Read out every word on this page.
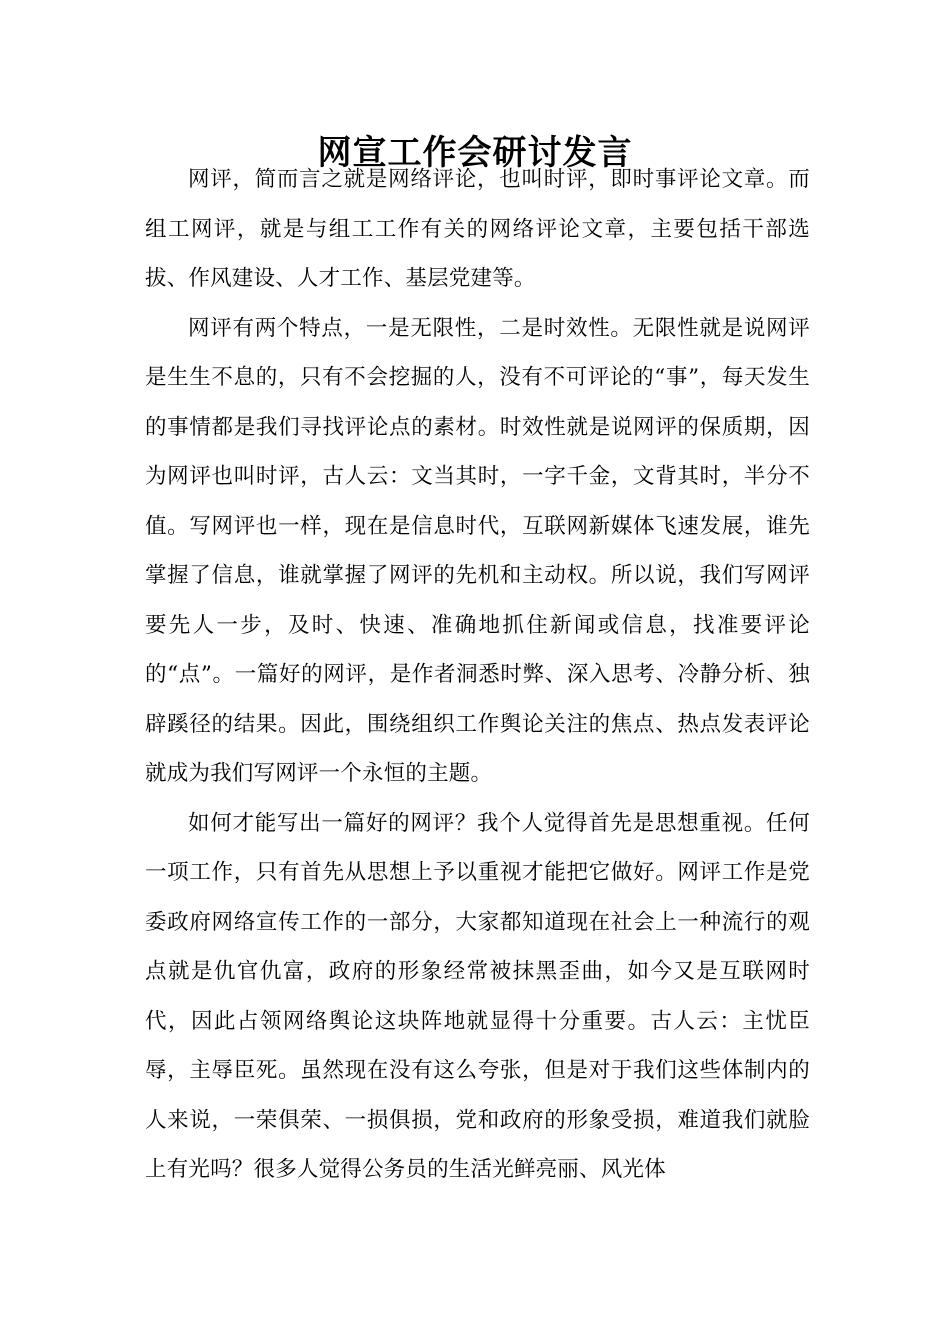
网宣工作会研讨发言

网评，简而言之就是网络评论，也叫时评，即时事评论文章。而组工网评，就是与组工工作有关的网络评论文章，主要包括干部选拔、作风建设、人才工作、基层党建等。

网评有两个特点，一是无限性，二是时效性。无限性就是说网评是生生不息的，只有不会挖掘的人，没有不可评论的“事”，每天发生的事情都是我们寻找评论点的素材。时效性就是说网评的保质期，因为网评也叫时评，古人云：文当其时，一字千金，文背其时，半分不值。写网评也一样，现在是信息时代，互联网新媒体飞速发展，谁先掌握了信息，谁就掌握了网评的先机和主动权。所以说，我们写网评要先人一步，及时、快速、准确地抓住新闻或信息，找准要评论的“点”。一篇好的网评，是作者洞悉时弊、深入思考、冷静分析、独辟蹊径的结果。因此，围绕组织工作舆论关注的焦点、热点发表评论就成为我们写网评一个永恒的主题。

如何才能写出一篇好的网评？我个人觉得首先是思想重视。任何一项工作，只有首先从思想上予以重视才能把它做好。网评工作是党委政府网络宣传工作的一部分，大家都知道现在社会上一种流行的观点就是仇官仇富，政府的形象经常被抹黑歪曲，如今又是互联网时代，因此占领网络舆论这块阵地就显得十分重要。古人云：主忧臣辱，主辱臣死。虽然现在没有这么夸张，但是对于我们这些体制内的人来说，一荣俱荣、一损俱损，党和政府的形象受损，难道我们就脸上有光吗？很多人觉得公务员的生活光鲜亮丽、风光体
